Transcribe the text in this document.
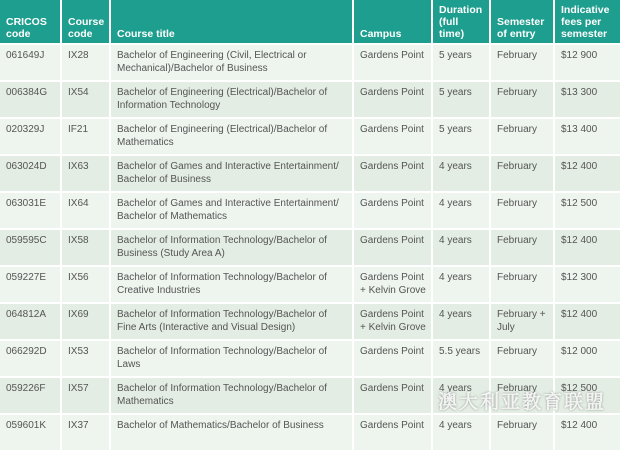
CRICOS code	Course code	Course title	Campus	Duration (full time)	Semester of entry	Indicative fees per semester
061649J	IX28	Bachelor of Engineering (Civil, Electrical or Mechanical)/Bachelor of Business	Gardens Point	5 years	February	$12 900
006384G	IX54	Bachelor of Engineering (Electrical)/Bachelor of Information Technology	Gardens Point	5 years	February	$13 300
020329J	IF21	Bachelor of Engineering (Electrical)/Bachelor of Mathematics	Gardens Point	5 years	February	$13 400
063024D	IX63	Bachelor of Games and Interactive Entertainment/ Bachelor of Business	Gardens Point	4 years	February	$12 400
063031E	IX64	Bachelor of Games and Interactive Entertainment/ Bachelor of Mathematics	Gardens Point	4 years	February	$12 500
059595C	IX58	Bachelor of Information Technology/Bachelor of Business (Study Area A)	Gardens Point	4 years	February	$12 400
059227E	IX56	Bachelor of Information Technology/Bachelor of Creative Industries	Gardens Point + Kelvin Grove	4 years	February	$12 300
064812A	IX69	Bachelor of Information Technology/Bachelor of Fine Arts (Interactive and Visual Design)	Gardens Point + Kelvin Grove	4 years	February + July	$12 400
066292D	IX53	Bachelor of Information Technology/Bachelor of Laws	Gardens Point	5.5 years	February	$12 000
059226F	IX57	Bachelor of Information Technology/Bachelor of Mathematics	Gardens Point	4 years	February	$12 500
059601K	IX37	Bachelor of Mathematics/Bachelor of Business	Gardens Point	4 years	February	$12 400
澳大利亚教育联盟
